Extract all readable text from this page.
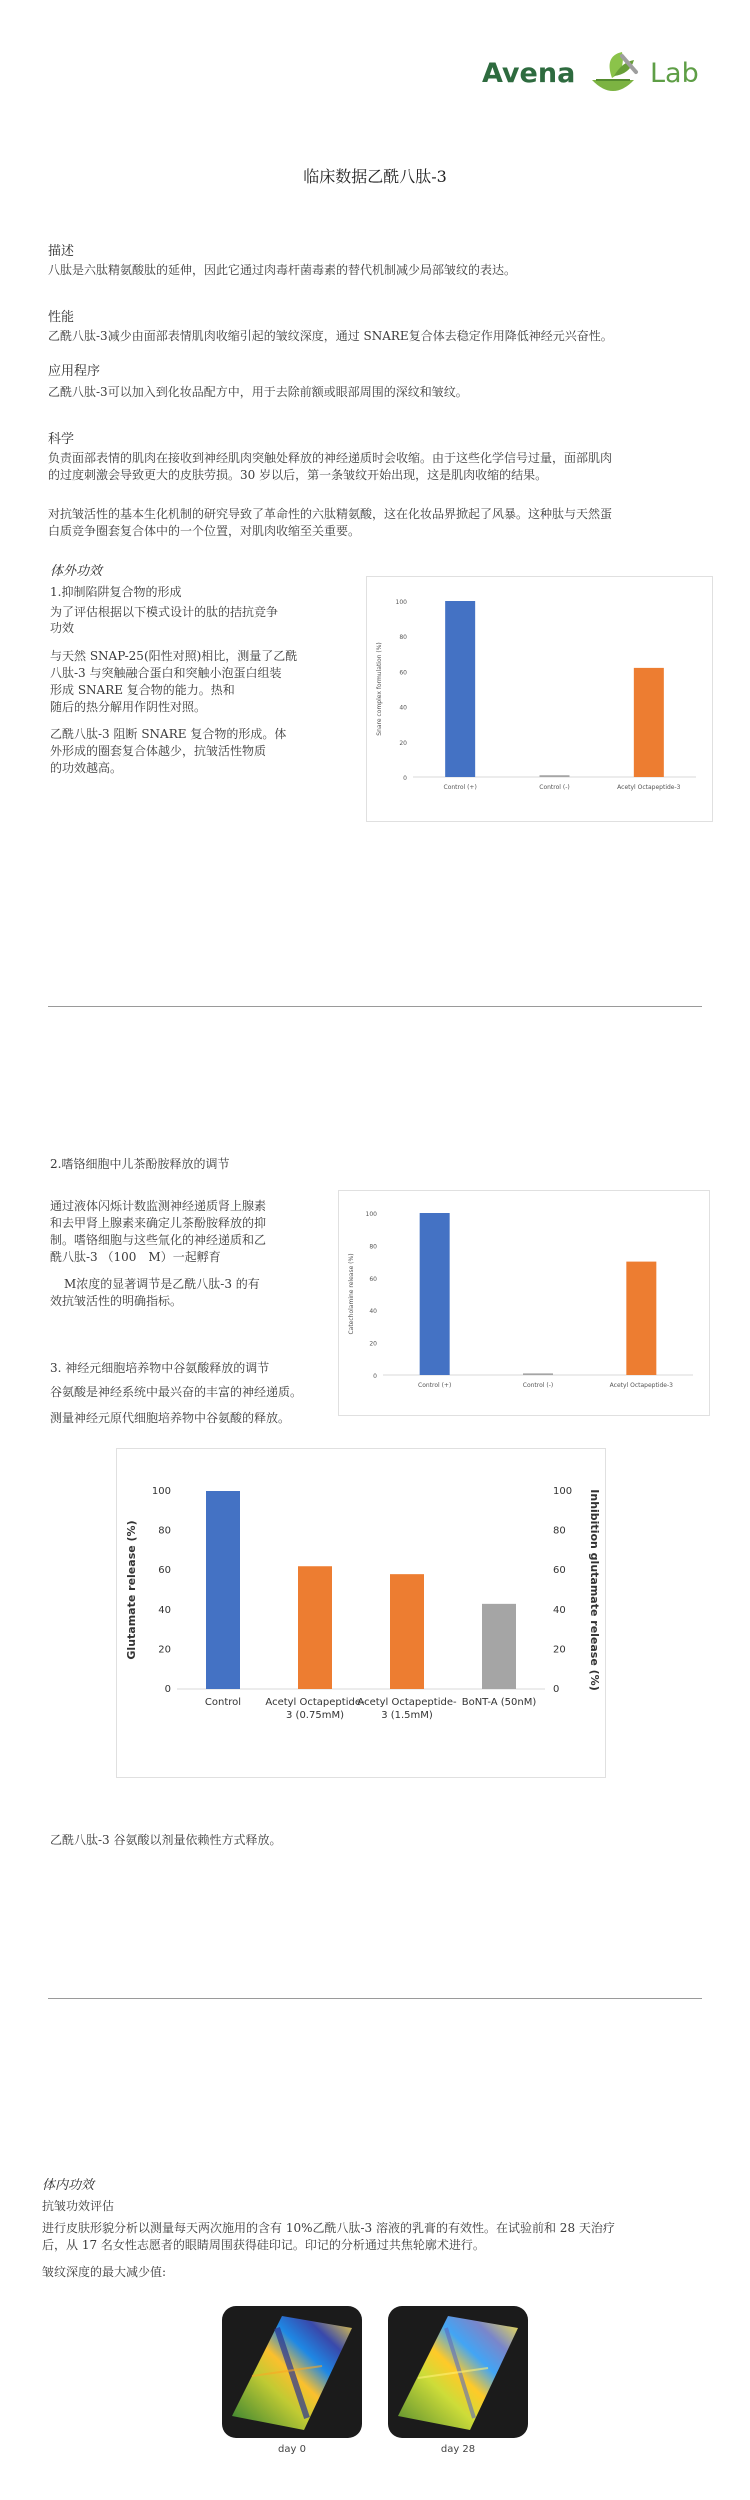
Avena	Lab
临床数据乙酰八肽-3
描述
八肽是六肽精氨酸肽的延伸，因此它通过肉毒杆菌毒素的替代机制减少局部皱纹的表达。
性能
乙酰八肽-3减少由面部表情肌肉收缩引起的皱纹深度，通过 SNARE复合体去稳定作用降低神经元兴奋性。
应用程序
乙酰八肽-3可以加入到化妆品配方中，用于去除前额或眼部周围的深纹和皱纹。
科学
负责面部表情的肌肉在接收到神经肌肉突触处释放的神经递质时会收缩。由于这些化学信号过量，面部肌肉
的过度刺激会导致更大的皮肤劳损。30 岁以后，第一条皱纹开始出现，这是肌肉收缩的结果。
对抗皱活性的基本生化机制的研究导致了革命性的六肽精氨酸，这在化妆品界掀起了风暴。这种肽与天然蛋
白质竞争圈套复合体中的一个位置，对肌肉收缩至关重要。
体外功效
1.抑制陷阱复合物的形成
为了评估根据以下模式设计的肽的拮抗竞争
功效
与天然 SNAP-25(阳性对照)相比，测量了乙酰
八肽-3 与突触融合蛋白和突触小泡蛋白组装
形成 SNARE 复合物的能力。热和
随后的热分解用作阴性对照。
乙酰八肽-3 阻断 SNARE 复合物的形成。体
外形成的圈套复合体越少，抗皱活性物质
的功效越高。
0
20
40
60
80
100
Snare complex formulation (%)
Control (+)	Control (-)	Acetyl Octapeptide-3
2.嗜铬细胞中儿茶酚胺释放的调节
通过液体闪烁计数监测神经递质肾上腺素
和去甲肾上腺素来确定儿茶酚胺释放的抑
制。嗜铬细胞与这些氚化的神经递质和乙
酰八肽-3 （100　M）一起孵育
M浓度的显著调节是乙酰八肽-3 的有
效抗皱活性的明确指标。
0
20
40
60
80
100
Catecholamine release (%)
Control (+)	Control (-)	Acetyl Octapeptide-3
3. 神经元细胞培养物中谷氨酸释放的调节
谷氨酸是神经系统中最兴奋的丰富的神经递质。
测量神经元原代细胞培养物中谷氨酸的释放。
0	0
20	20
40	40
60	60
80	80
100	100
Glutamate release (%)	Inhibition glutamate release (%)
Control Acetyl Octapeptide-
3 (0.75mM)
Acetyl Octapeptide-
3 (1.5mM)
BoNT-A (50nM)
乙酰八肽-3 谷氨酸以剂量依赖性方式释放。
体内功效
抗皱功效评估
进行皮肤形貌分析以测量每天两次施用的含有 10%乙酰八肽-3 溶液的乳膏的有效性。在试验前和 28 天治疗
后，从 17 名女性志愿者的眼睛周围获得硅印记。印记的分析通过共焦轮廓术进行。
皱纹深度的最大减少值:
day 0	day 28
